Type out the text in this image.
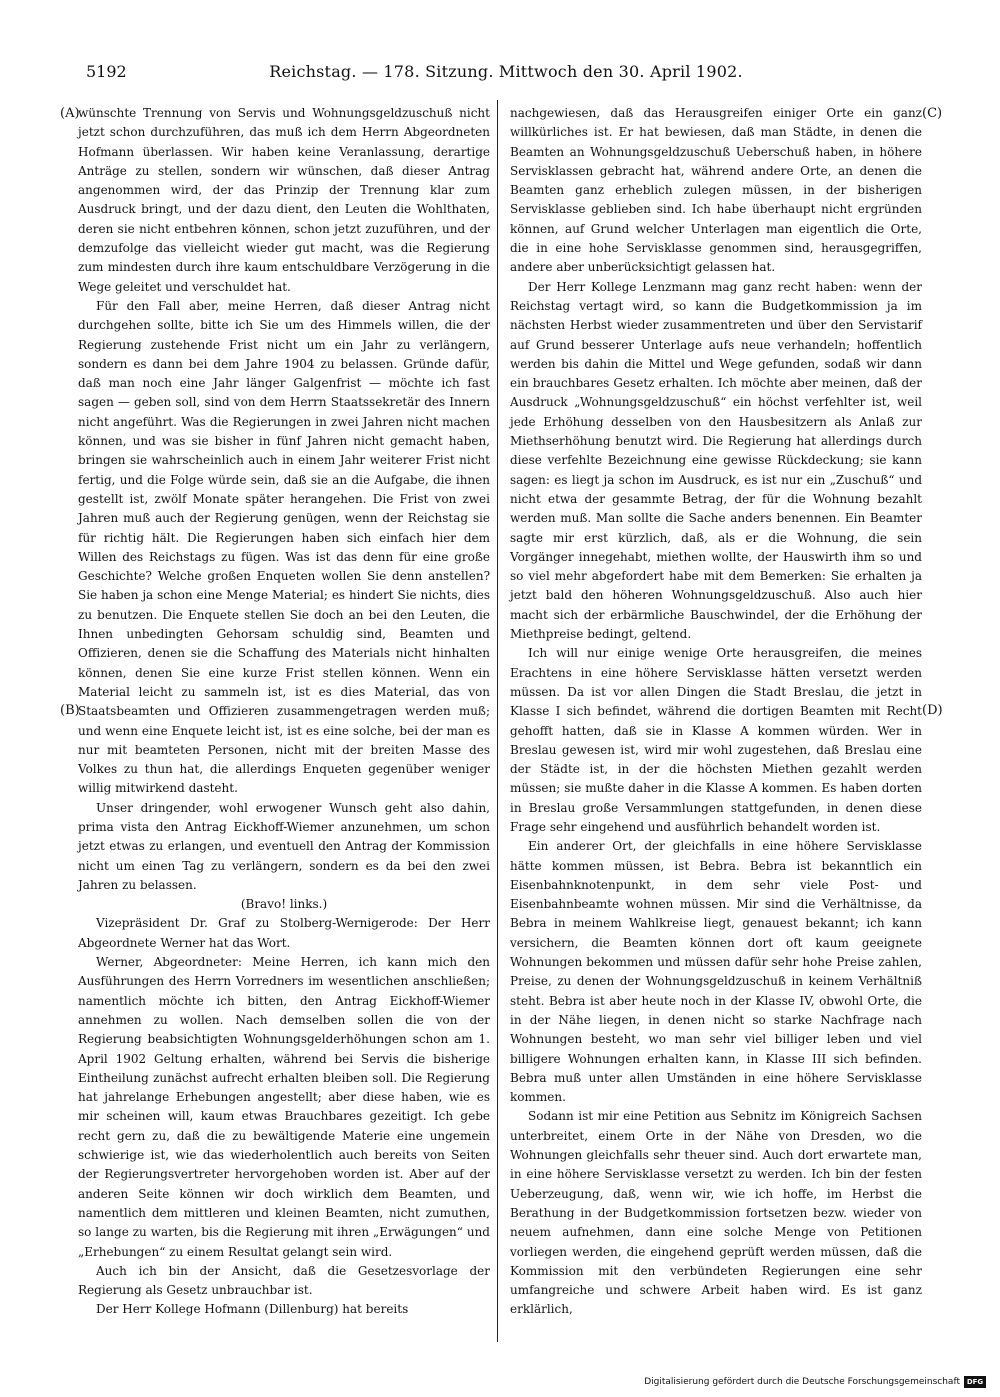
5192	Reichstag. — 178. Sitzung. Mittwoch den 30. April 1902.
(A)
(B)
(C)
(D)

wünschte Trennung von Servis und Wohnungsgeldzuschuß nicht jetzt schon durchzuführen, das muß ich dem Herrn Abgeordneten Hofmann überlassen. Wir haben keine Veranlassung, derartige Anträge zu stellen, sondern wir wünschen, daß dieser Antrag angenommen wird, der das Prinzip der Trennung klar zum Ausdruck bringt, und der dazu dient, den Leuten die Wohlthaten, deren sie nicht entbehren können, schon jetzt zuzuführen, und der demzufolge das vielleicht wieder gut macht, was die Regierung zum mindesten durch ihre kaum entschuldbare Verzögerung in die Wege geleitet und verschuldet hat.

Für den Fall aber, meine Herren, daß dieser Antrag nicht durchgehen sollte, bitte ich Sie um des Himmels willen, die der Regierung zustehende Frist nicht um ein Jahr zu verlängern, sondern es dann bei dem Jahre 1904 zu belassen. Gründe dafür, daß man noch eine Jahr länger Galgenfrist — möchte ich fast sagen — geben soll, sind von dem Herrn Staatssekretär des Innern nicht angeführt. Was die Regierungen in zwei Jahren nicht machen können, und was sie bisher in fünf Jahren nicht gemacht haben, bringen sie wahrscheinlich auch in einem Jahr weiterer Frist nicht fertig, und die Folge würde sein, daß sie an die Aufgabe, die ihnen gestellt ist, zwölf Monate später herangehen. Die Frist von zwei Jahren muß auch der Regierung genügen, wenn der Reichstag sie für richtig hält. Die Regierungen haben sich einfach hier dem Willen des Reichstags zu fügen. Was ist das denn für eine große Geschichte? Welche großen Enqueten wollen Sie denn anstellen? Sie haben ja schon eine Menge Material; es hindert Sie nichts, dies zu benutzen. Die Enquete stellen Sie doch an bei den Leuten, die Ihnen unbedingten Gehorsam schuldig sind, Beamten und Offizieren, denen sie die Schaffung des Materials nicht hinhalten können, denen Sie eine kurze Frist stellen können. Wenn ein Material leicht zu sammeln ist, ist es dies Material, das von Staatsbeamten und Offizieren zusammengetragen werden muß; und wenn eine Enquete leicht ist, ist es eine solche, bei der man es nur mit beamteten Personen, nicht mit der breiten Masse des Volkes zu thun hat, die allerdings Enqueten gegenüber weniger willig mitwirkend dasteht.

Unser dringender, wohl erwogener Wunsch geht also dahin, prima vista den Antrag Eickhoff-Wiemer anzunehmen, um schon jetzt etwas zu erlangen, und eventuell den Antrag der Kommission nicht um einen Tag zu verlängern, sondern es da bei den zwei Jahren zu belassen.

(Bravo! links.)

Vizepräsident Dr. Graf zu Stolberg-Wernigerode: Der Herr Abgeordnete Werner hat das Wort.

Werner, Abgeordneter: Meine Herren, ich kann mich den Ausführungen des Herrn Vorredners im wesentlichen anschließen; namentlich möchte ich bitten, den Antrag Eickhoff-Wiemer annehmen zu wollen. Nach demselben sollen die von der Regierung beabsichtigten Wohnungsgelderhöhungen schon am 1. April 1902 Geltung erhalten, während bei Servis die bisherige Eintheilung zunächst aufrecht erhalten bleiben soll. Die Regierung hat jahrelange Erhebungen angestellt; aber diese haben, wie es mir scheinen will, kaum etwas Brauchbares gezeitigt. Ich gebe recht gern zu, daß die zu bewältigende Materie eine ungemein schwierige ist, wie das wiederholentlich auch bereits von Seiten der Regierungsvertreter hervorgehoben worden ist. Aber auf der anderen Seite können wir doch wirklich dem Beamten, und namentlich dem mittleren und kleinen Beamten, nicht zumuthen, so lange zu warten, bis die Regierung mit ihren „Erwägungen“ und „Erhebungen“ zu einem Resultat gelangt sein wird.

Auch ich bin der Ansicht, daß die Gesetzesvorlage der Regierung als Gesetz unbrauchbar ist.

Der Herr Kollege Hofmann (Dillenburg) hat bereits

nachgewiesen, daß das Herausgreifen einiger Orte ein ganz willkürliches ist. Er hat bewiesen, daß man Städte, in denen die Beamten an Wohnungsgeldzuschuß Ueberschuß haben, in höhere Servisklassen gebracht hat, während andere Orte, an denen die Beamten ganz erheblich zulegen müssen, in der bisherigen Servisklasse geblieben sind. Ich habe überhaupt nicht ergründen können, auf Grund welcher Unterlagen man eigentlich die Orte, die in eine hohe Servisklasse genommen sind, herausgegriffen, andere aber unberücksichtigt gelassen hat.

Der Herr Kollege Lenzmann mag ganz recht haben: wenn der Reichstag vertagt wird, so kann die Budgetkommission ja im nächsten Herbst wieder zusammentreten und über den Servistarif auf Grund besserer Unterlage aufs neue verhandeln; hoffentlich werden bis dahin die Mittel und Wege gefunden, sodaß wir dann ein brauchbares Gesetz erhalten. Ich möchte aber meinen, daß der Ausdruck „Wohnungsgeldzuschuß“ ein höchst verfehlter ist, weil jede Erhöhung desselben von den Hausbesitzern als Anlaß zur Miethserhöhung benutzt wird. Die Regierung hat allerdings durch diese verfehlte Bezeichnung eine gewisse Rückdeckung; sie kann sagen: es liegt ja schon im Ausdruck, es ist nur ein „Zuschuß“ und nicht etwa der gesammte Betrag, der für die Wohnung bezahlt werden muß. Man sollte die Sache anders benennen. Ein Beamter sagte mir erst kürzlich, daß, als er die Wohnung, die sein Vorgänger innegehabt, miethen wollte, der Hauswirth ihm so und so viel mehr abgefordert habe mit dem Bemerken: Sie erhalten ja jetzt bald den höheren Wohnungsgeldzuschuß. Also auch hier macht sich der erbärmliche Bauschwindel, der die Erhöhung der Miethpreise bedingt, geltend.

Ich will nur einige wenige Orte herausgreifen, die meines Erachtens in eine höhere Servisklasse hätten versetzt werden müssen. Da ist vor allen Dingen die Stadt Breslau, die jetzt in Klasse I sich befindet, während die dortigen Beamten mit Recht gehofft hatten, daß sie in Klasse A kommen würden. Wer in Breslau gewesen ist, wird mir wohl zugestehen, daß Breslau eine der Städte ist, in der die höchsten Miethen gezahlt werden müssen; sie mußte daher in die Klasse A kommen. Es haben dorten in Breslau große Versammlungen stattgefunden, in denen diese Frage sehr eingehend und ausführlich behandelt worden ist.

Ein anderer Ort, der gleichfalls in eine höhere Servisklasse hätte kommen müssen, ist Bebra. Bebra ist bekanntlich ein Eisenbahnknotenpunkt, in dem sehr viele Post- und Eisenbahnbeamte wohnen müssen. Mir sind die Verhältnisse, da Bebra in meinem Wahlkreise liegt, genauest bekannt; ich kann versichern, die Beamten können dort oft kaum geeignete Wohnungen bekommen und müssen dafür sehr hohe Preise zahlen, Preise, zu denen der Wohnungsgeldzuschuß in keinem Verhältniß steht. Bebra ist aber heute noch in der Klasse IV, obwohl Orte, die in der Nähe liegen, in denen nicht so starke Nachfrage nach Wohnungen besteht, wo man sehr viel billiger leben und viel billigere Wohnungen erhalten kann, in Klasse III sich befinden. Bebra muß unter allen Umständen in eine höhere Servisklasse kommen.

Sodann ist mir eine Petition aus Sebnitz im Königreich Sachsen unterbreitet, einem Orte in der Nähe von Dresden, wo die Wohnungen gleichfalls sehr theuer sind. Auch dort erwartete man, in eine höhere Servisklasse versetzt zu werden. Ich bin der festen Ueberzeugung, daß, wenn wir, wie ich hoffe, im Herbst die Berathung in der Budgetkommission fortsetzen bezw. wieder von neuem aufnehmen, dann eine solche Menge von Petitionen vorliegen werden, die eingehend geprüft werden müssen, daß die Kommission mit den verbündeten Regierungen eine sehr umfangreiche und schwere Arbeit haben wird. Es ist ganz erklärlich,

Digitalisierung gefördert durch die Deutsche Forschungsgemeinschaft DFG
